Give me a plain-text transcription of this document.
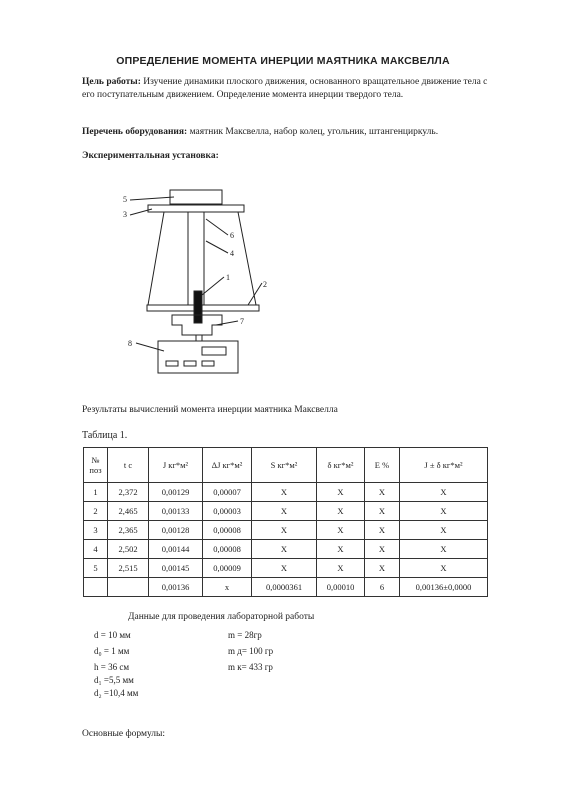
ОПРЕДЕЛЕНИЕ МОМЕНТА ИНЕРЦИИ МАЯТНИКА МАКСВЕЛЛА
Цель работы: Изучение динамики плоского движения, основанного вращательное движение тела с его поступательным движением. Определение момента инерции твердого тела.
Перечень оборудования: маятник Максвелла, набор колец, угольник, штангенциркуль.
Экспериментальная установка:
5
3
6
4
1
2
7
8
Результаты вычислений момента инерции маятника Максвелла
Таблица 1.
№ поз	t c	J кг*м²	ΔJ кг*м²	S кг*м²	δ кг*м²	Е %	J ± δ кг*м²
1	2,372	0,00129	0,00007	X	X	X	X
2	2,465	0,00133	0,00003	X	X	X	X
3	2,365	0,00128	0,00008	X	X	X	X
4	2,502	0,00144	0,00008	X	X	X	X
5	2,515	0,00145	0,00009	X	X	X	X
		0,00136	x	0,0000361	0,00010	6	0,00136±0,0000
Данные для проведения лабораторной работы
d = 10 мм
d₀ = 1 мм
h = 36 см
d₁ =5,5 мм
d₂ =10,4 мм
m = 28гр
m д= 100 гр
m к= 433 гр
Основные формулы:
